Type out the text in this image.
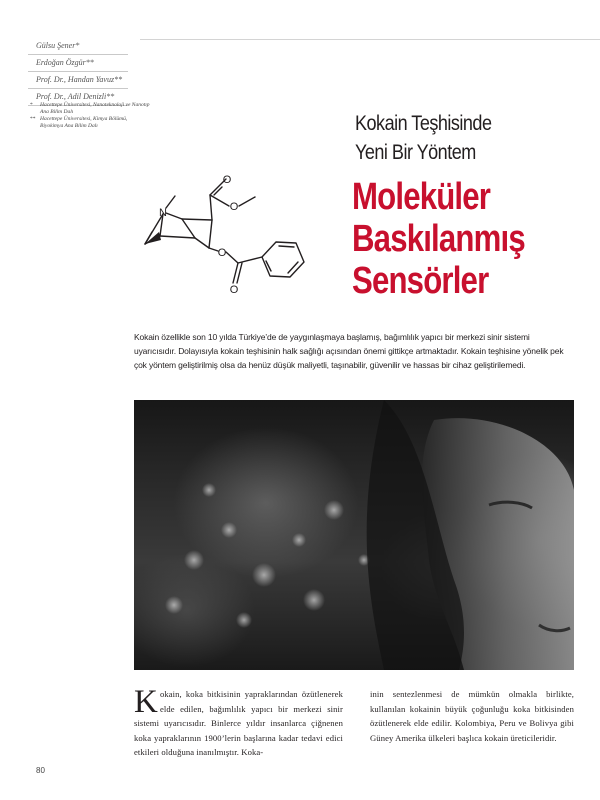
Gülsu Şener*
Erdoğan Özgür**
Prof. Dr., Handan Yavuz**
Prof. Dr., Adil Denizli**
* Hacettepe Üniversitesi, Nanoteknoloji ve Nanotıp Ana Bilim Dalı
** Hacettepe Üniversitesi, Kimya Bölümü, Biyokimya Ana Bilim Dalı
N
O
O
O
O
Kokain Teşhisinde
Yeni Bir Yöntem
Moleküler
Baskılanmış
Sensörler
Kokain özellikle son 10 yılda Türkiye’de de yaygınlaşmaya başlamış, bağımlılık yapıcı bir merkezi sinir sistemi uyarıcısıdır. Dolayısıyla kokain teşhisinin halk sağlığı açısından önemi gittikçe artmaktadır. Kokain teşhisine yönelik pek çok yöntem geliştirilmiş olsa da henüz düşük maliyetli, taşınabilir, güvenilir ve hassas bir cihaz geliştirilemedi.
Kokain, koka bitkisinin yapraklarından özütlenerek elde edilen, bağımlılık yapıcı bir merkezi sinir sistemi uyarıcısıdır. Binlerce yıldır insanlarca çiğnenen koka yapraklarının 1900’lerin başlarına kadar tedavi edici etkileri olduğuna inanılmıştır. Koka-
inin sentezlenmesi de mümkün olmakla birlikte, kullanılan kokainin büyük çoğunluğu koka bitkisinden özütlenerek elde edilir. Kolombiya, Peru ve Bolivya gibi Güney Amerika ülkeleri başlıca kokain üreticileridir.
80
